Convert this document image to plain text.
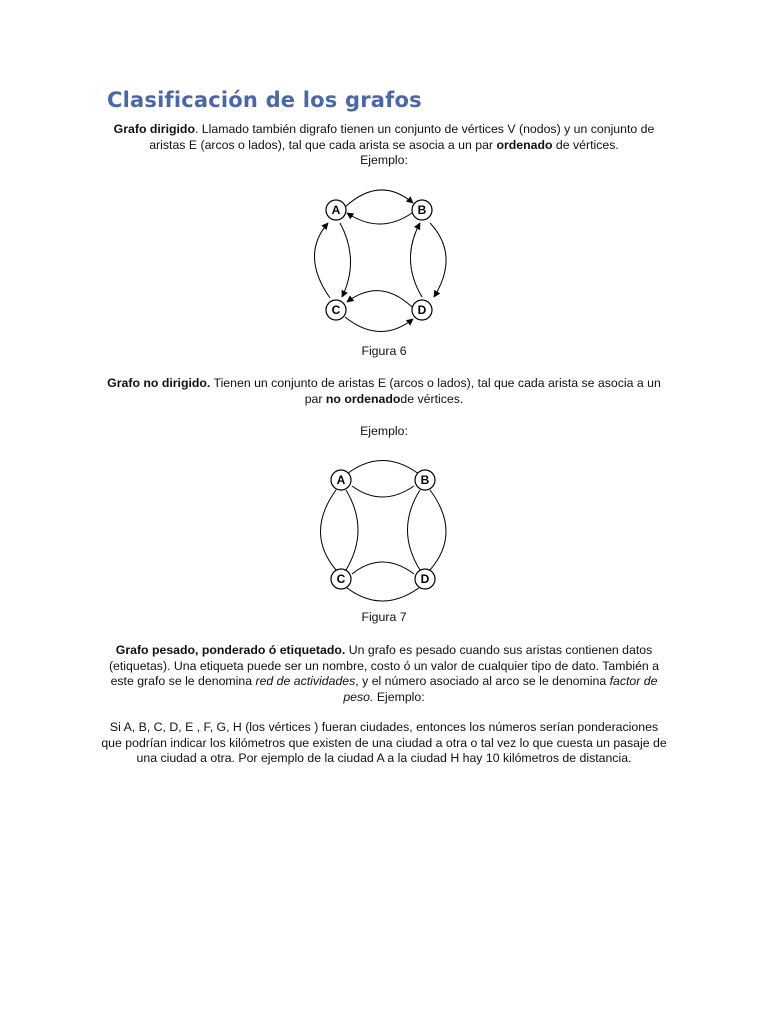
Clasificación de los grafos
Grafo dirigido. Llamado también digrafo tienen un conjunto de vértices V (nodos) y un conjunto de aristas E (arcos o lados), tal que cada arista se asocia a un par ordenado de vértices.
Ejemplo:
A	B
C	D
Figura 6
Grafo no dirigido. Tienen un conjunto de aristas E (arcos o lados), tal que cada arista se asocia a un par no ordenadode vértices.
Ejemplo:
A	B
C	D
Figura 7
Grafo pesado, ponderado ó etiquetado. Un grafo es pesado cuando sus aristas contienen datos (etiquetas). Una etiqueta puede ser un nombre, costo ó un valor de cualquier tipo de dato. También a este grafo se le denomina red de actividades, y el número asociado al arco se le denomina factor de peso. Ejemplo:
Si A, B, C, D, E , F, G, H (los vértices ) fueran ciudades, entonces los números serían ponderaciones que podrían indicar los kilómetros que existen de una ciudad a otra o tal vez lo que cuesta un pasaje de una ciudad a otra. Por ejemplo de la ciudad A a la ciudad H hay 10 kilómetros de distancia.
